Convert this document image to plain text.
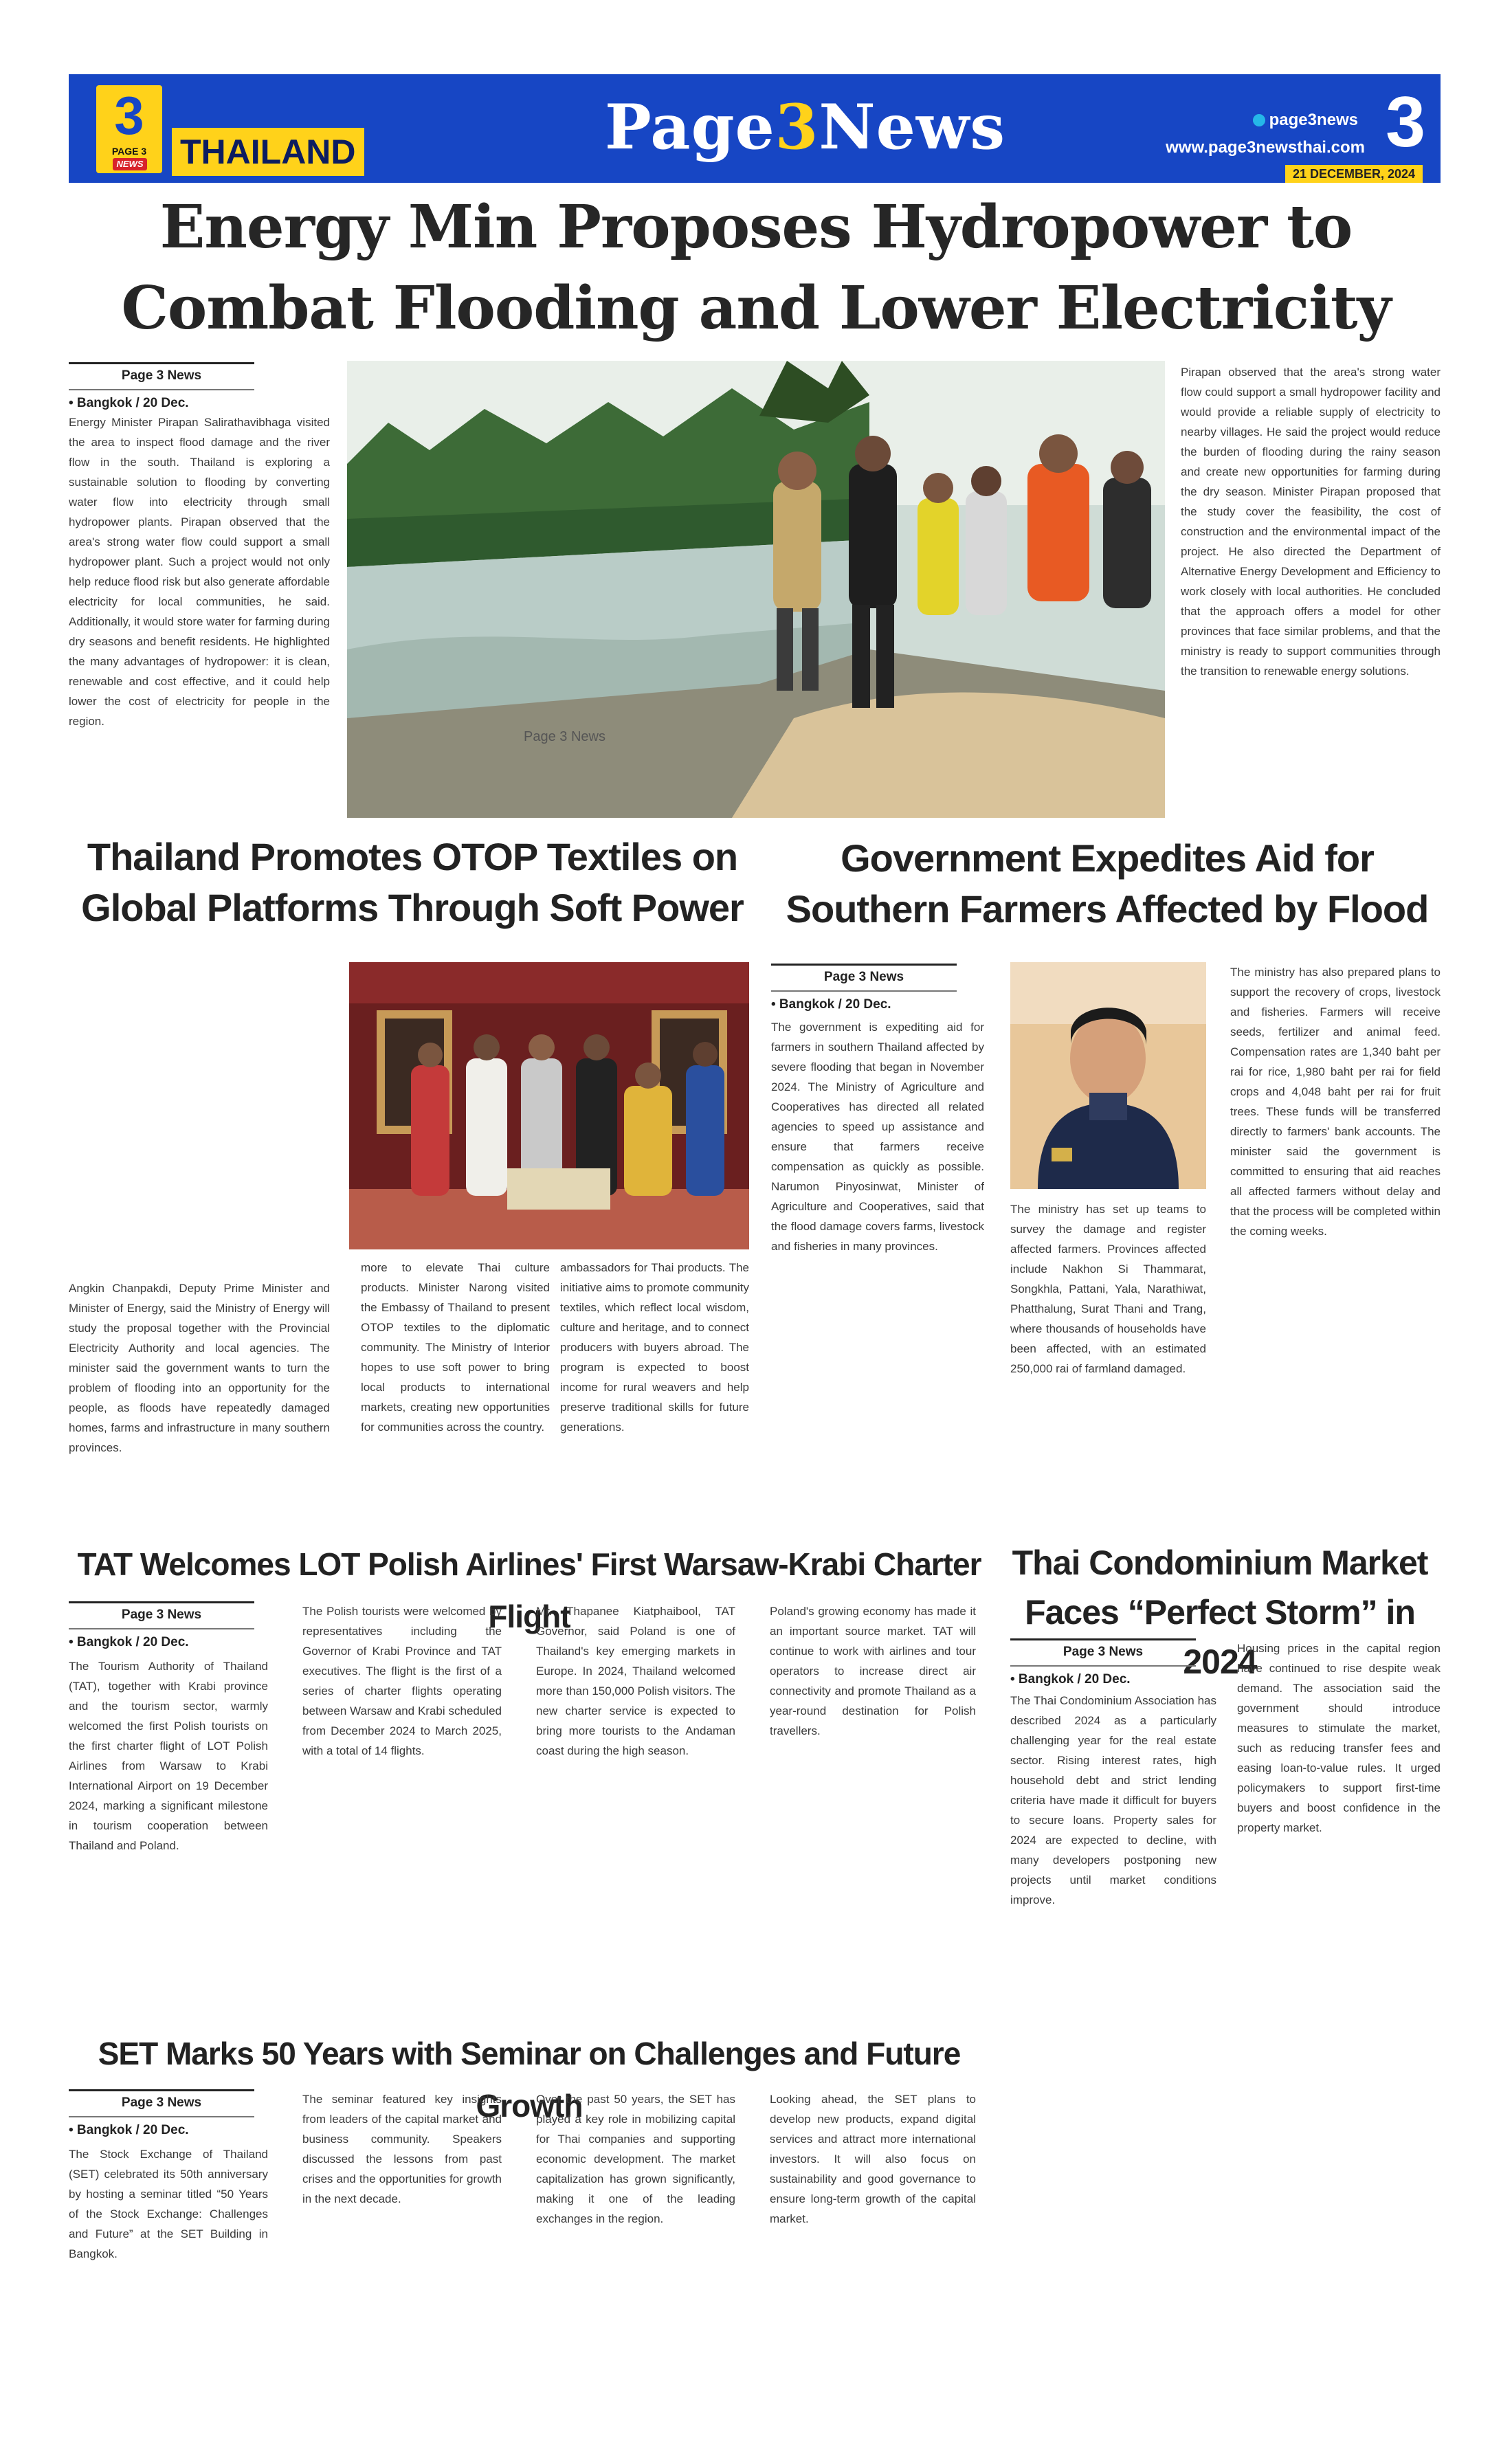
3
PAGE 3
NEWS THAILAND	Page3News	page3news
www.page3newsthai.com 3
21 DECEMBER, 2024
Energy Min Proposes Hydropower to
Combat Flooding and Lower Electricity
Page 3 News
• Bangkok / 20 Dec.
Energy Minister Pirapan Salirathavibhaga visited the area to inspect flood damage and the river flow in the south. Thailand is exploring a sustainable solution to flooding by converting water flow into electricity through small hydropower plants. Pirapan observed that the area's strong water flow could support a small hydropower plant. Such a project would not only help reduce flood risk but also generate affordable electricity for local communities, he said. Additionally, it would store water for farming during dry seasons and benefit residents. He highlighted the many advantages of hydropower: it is clean, renewable and cost effective, and it could help lower the cost of electricity for people in the region.
Page 3 News
Pirapan observed that the area's strong water flow could support a small hydropower facility and would provide a reliable supply of electricity to nearby villages. He said the project would reduce the burden of flooding during the rainy season and create new opportunities for farming during the dry season. Minister Pirapan proposed that the study cover the feasibility, the cost of construction and the environmental impact of the project. He also directed the Department of Alternative Energy Development and Efficiency to work closely with local authorities. He concluded that the approach offers a model for other provinces that face similar problems, and that the ministry is ready to support communities through the transition to renewable energy solutions.
Angkin Chanpakdi, Deputy Prime Minister and Minister of Energy, said the Ministry of Energy will study the proposal together with the Provincial Electricity Authority and local agencies. The minister said the government wants to turn the problem of flooding into an opportunity for the people, as floods have repeatedly damaged homes, farms and infrastructure in many southern provinces.
Thailand Promotes OTOP Textiles on
Global Platforms Through Soft Power
more to elevate Thai culture products. Minister Narong visited the Embassy of Thailand to present OTOP textiles to the diplomatic community. The Ministry of Interior hopes to use soft power to bring local products to international markets, creating new opportunities for communities across the country.
ambassadors for Thai products. The initiative aims to promote community textiles, which reflect local wisdom, culture and heritage, and to connect producers with buyers abroad. The program is expected to boost income for rural weavers and help preserve traditional skills for future generations.
Government Expedites Aid for
Southern Farmers Affected by Flood
Page 3 News
• Bangkok / 20 Dec.
The government is expediting aid for farmers in southern Thailand affected by severe flooding that began in November 2024. The Ministry of Agriculture and Cooperatives has directed all related agencies to speed up assistance and ensure that farmers receive compensation as quickly as possible. Narumon Pinyosinwat, Minister of Agriculture and Cooperatives, said that the flood damage covers farms, livestock and fisheries in many provinces.
The ministry has set up teams to survey the damage and register affected farmers. Provinces affected include Nakhon Si Thammarat, Songkhla, Pattani, Yala, Narathiwat, Phatthalung, Surat Thani and Trang, where thousands of households have been affected, with an estimated 250,000 rai of farmland damaged.
The ministry has also prepared plans to support the recovery of crops, livestock and fisheries. Farmers will receive seeds, fertilizer and animal feed. Compensation rates are 1,340 baht per rai for rice, 1,980 baht per rai for field crops and 4,048 baht per rai for fruit trees. These funds will be transferred directly to farmers' bank accounts. The minister said the government is committed to ensuring that aid reaches all affected farmers without delay and that the process will be completed within the coming weeks.
TAT Welcomes LOT Polish Airlines' First Warsaw-Krabi Charter Flight
Page 3 News
• Bangkok / 20 Dec.
The Tourism Authority of Thailand (TAT), together with Krabi province and the tourism sector, warmly welcomed the first Polish tourists on the first charter flight of LOT Polish Airlines from Warsaw to Krabi International Airport on 19 December 2024, marking a significant milestone in tourism cooperation between Thailand and Poland.
The Polish tourists were welcomed by representatives including the Governor of Krabi Province and TAT executives. The flight is the first of a series of charter flights operating between Warsaw and Krabi scheduled from December 2024 to March 2025, with a total of 14 flights.
Mr. Thapanee Kiatphaibool, TAT Governor, said Poland is one of Thailand's key emerging markets in Europe. In 2024, Thailand welcomed more than 150,000 Polish visitors. The new charter service is expected to bring more tourists to the Andaman coast during the high season.
Poland's growing economy has made it an important source market. TAT will continue to work with airlines and tour operators to increase direct air connectivity and promote Thailand as a year-round destination for Polish travellers.
Thai Condominium Market
Faces “Perfect Storm” in 2024
Page 3 News
• Bangkok / 20 Dec.
The Thai Condominium Association has described 2024 as a particularly challenging year for the real estate sector. Rising interest rates, high household debt and strict lending criteria have made it difficult for buyers to secure loans. Property sales for 2024 are expected to decline, with many developers postponing new projects until market conditions improve.
Housing prices in the capital region have continued to rise despite weak demand. The association said the government should introduce measures to stimulate the market, such as reducing transfer fees and easing loan-to-value rules. It urged policymakers to support first-time buyers and boost confidence in the property market.
SET Marks 50 Years with Seminar on Challenges and Future Growth
Page 3 News
• Bangkok / 20 Dec.
The Stock Exchange of Thailand (SET) celebrated its 50th anniversary by hosting a seminar titled “50 Years of the Stock Exchange: Challenges and Future” at the SET Building in Bangkok.
The seminar featured key insights from leaders of the capital market and business community. Speakers discussed the lessons from past crises and the opportunities for growth in the next decade.
Over the past 50 years, the SET has played a key role in mobilizing capital for Thai companies and supporting economic development. The market capitalization has grown significantly, making it one of the leading exchanges in the region.
Looking ahead, the SET plans to develop new products, expand digital services and attract more international investors. It will also focus on sustainability and good governance to ensure long-term growth of the capital market.
